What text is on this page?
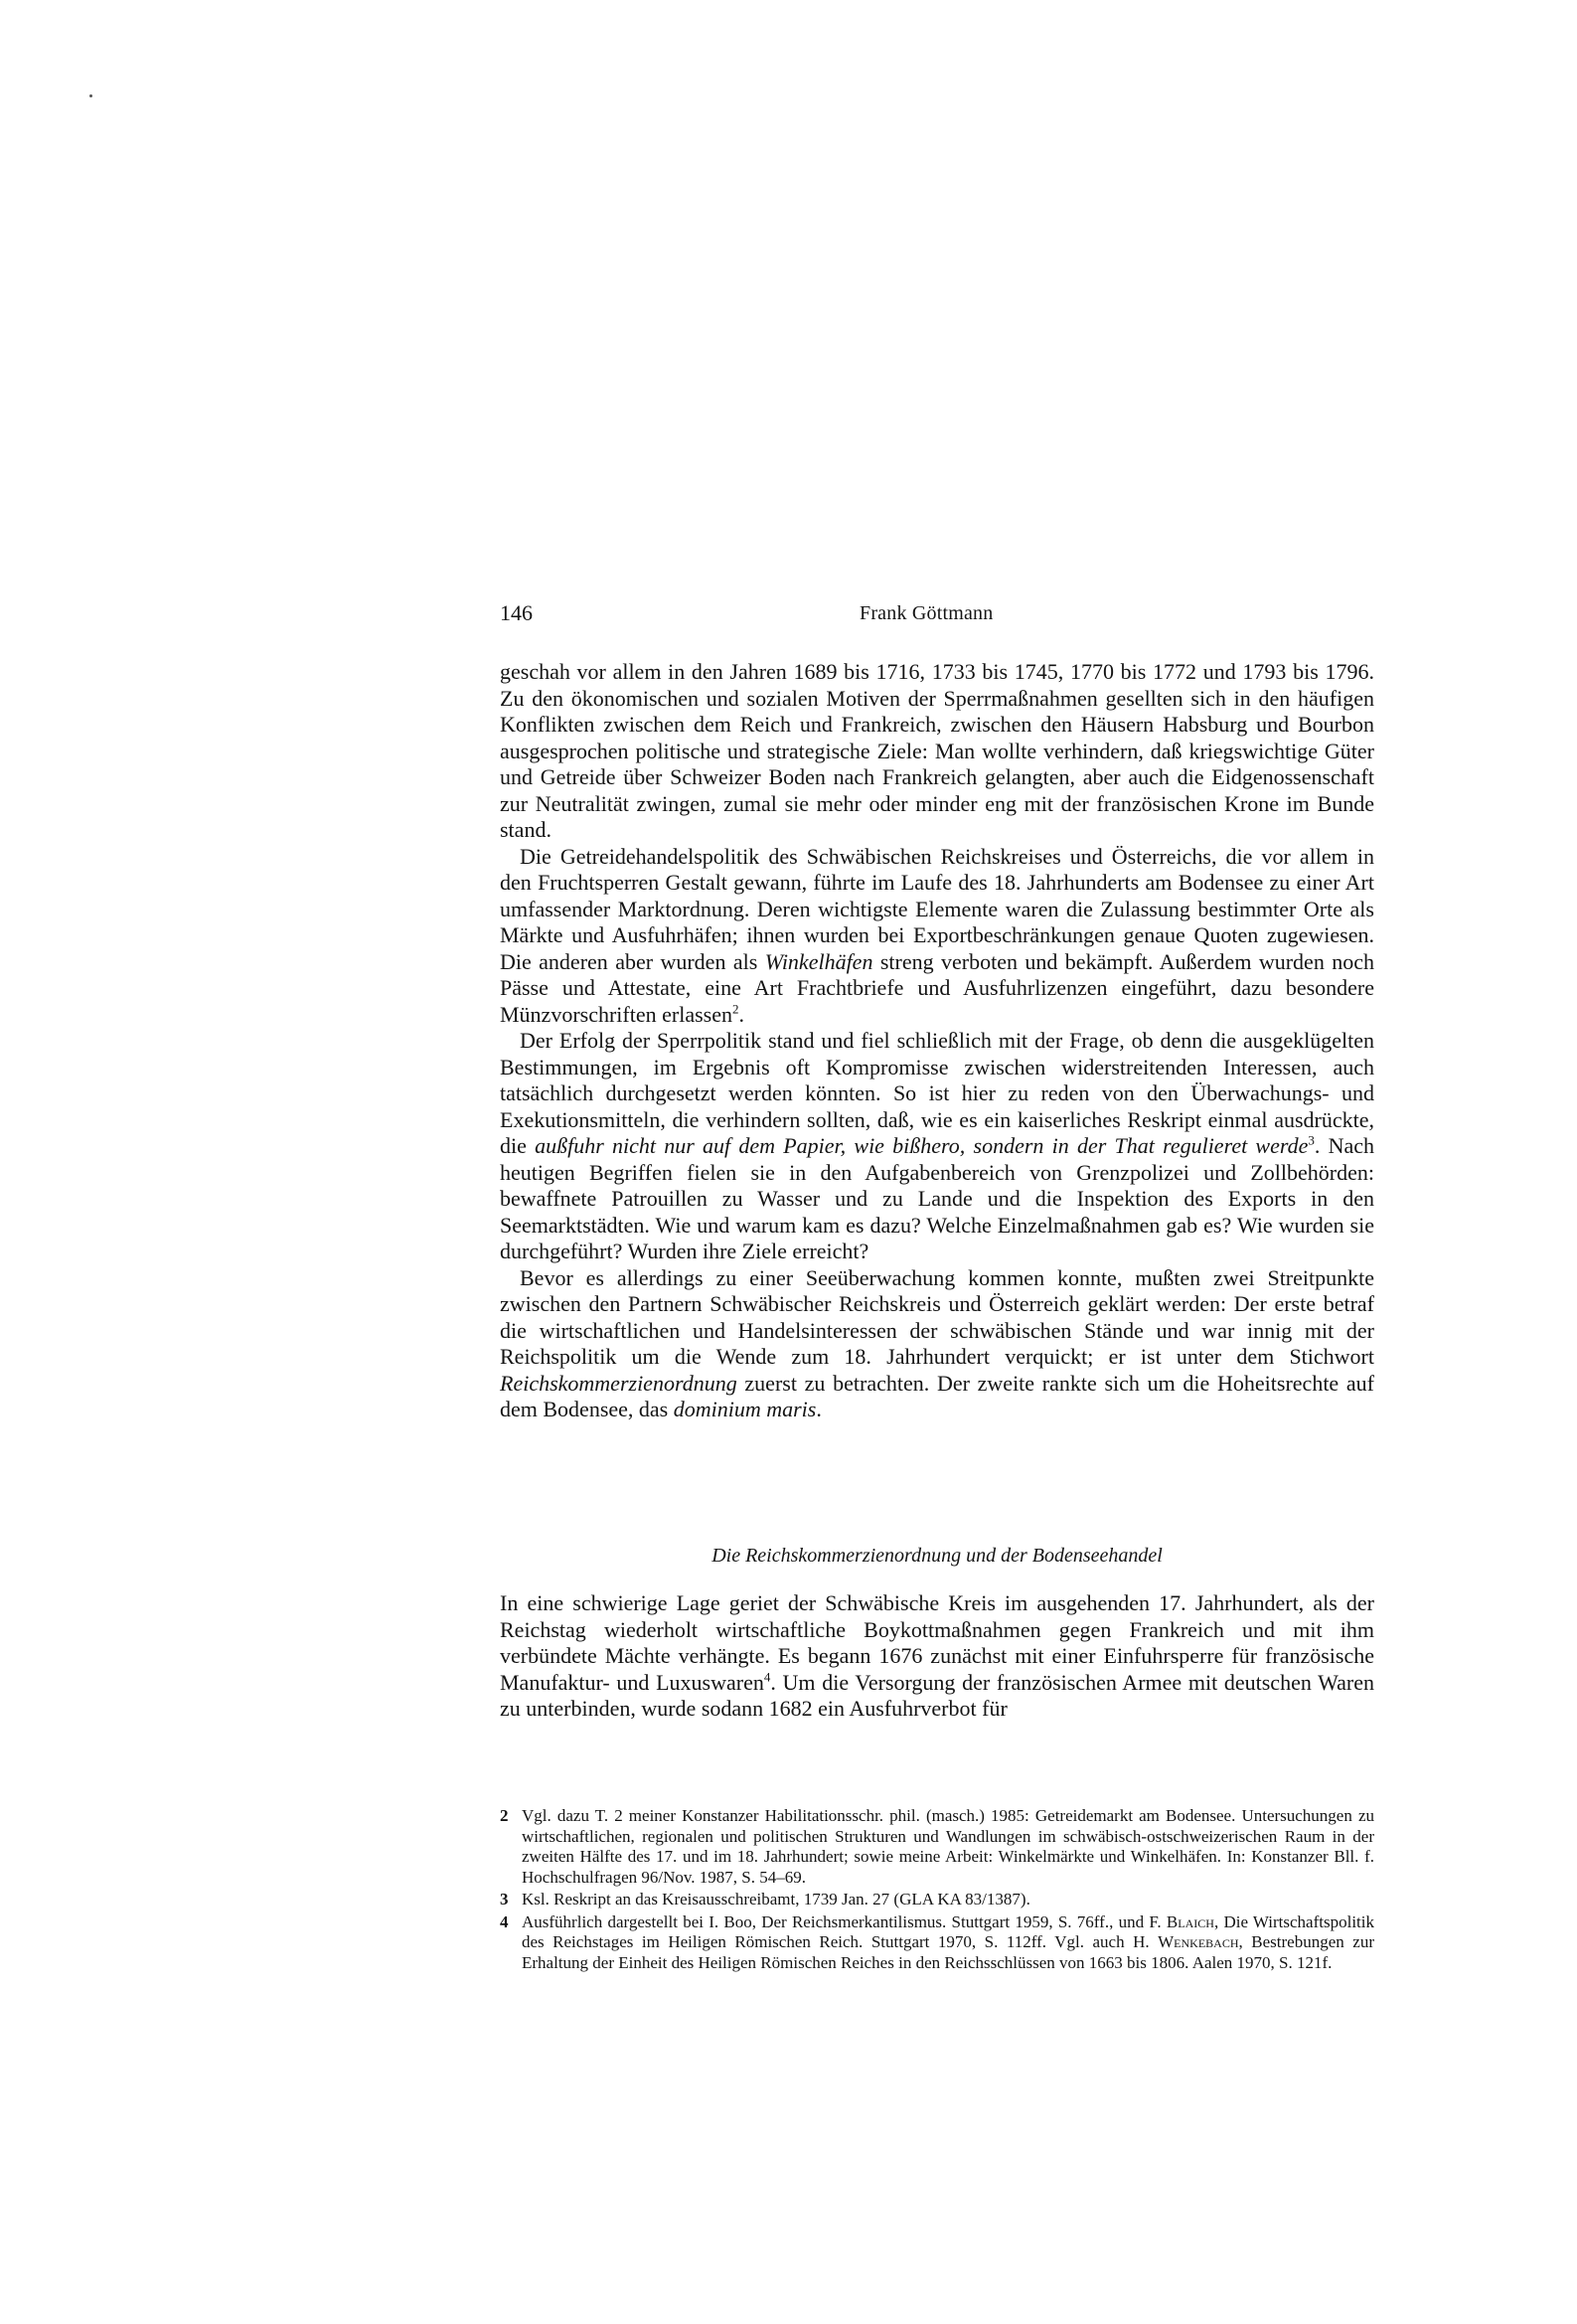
146	Frank Göttmann

geschah vor allem in den Jahren 1689 bis 1716, 1733 bis 1745, 1770 bis 1772 und 1793 bis 1796. Zu den ökonomischen und sozialen Motiven der Sperrmaßnahmen gesellten sich in den häufigen Konflikten zwischen dem Reich und Frankreich, zwischen den Häusern Habsburg und Bourbon ausgesprochen politische und strategische Ziele: Man wollte verhindern, daß kriegswichtige Güter und Getreide über Schweizer Boden nach Frankreich gelangten, aber auch die Eidgenossenschaft zur Neutralität zwingen, zumal sie mehr oder minder eng mit der französischen Krone im Bunde stand.

Die Getreidehandelspolitik des Schwäbischen Reichskreises und Österreichs, die vor allem in den Fruchtsperren Gestalt gewann, führte im Laufe des 18. Jahrhunderts am Bodensee zu einer Art umfassender Marktordnung. Deren wichtigste Elemente waren die Zulassung bestimmter Orte als Märkte und Ausfuhrhäfen; ihnen wurden bei Exportbeschränkungen genaue Quoten zugewiesen. Die anderen aber wurden als Winkelhäfen streng verboten und bekämpft. Außerdem wurden noch Pässe und Attestate, eine Art Frachtbriefe und Ausfuhrlizenzen eingeführt, dazu besondere Münzvorschriften erlassen$^2$.

Der Erfolg der Sperrpolitik stand und fiel schließlich mit der Frage, ob denn die ausgeklügelten Bestimmungen, im Ergebnis oft Kompromisse zwischen widerstreitenden Interessen, auch tatsächlich durchgesetzt werden könnten. So ist hier zu reden von den Überwachungs- und Exekutionsmitteln, die verhindern sollten, daß, wie es ein kaiserliches Reskript einmal ausdrückte, die außfuhr nicht nur auf dem Papier, wie bißhero, sondern in der That regulieret werde$^3$. Nach heutigen Begriffen fielen sie in den Aufgabenbereich von Grenzpolizei und Zollbehörden: bewaffnete Patrouillen zu Wasser und zu Lande und die Inspektion des Exports in den Seemarktstädten. Wie und warum kam es dazu? Welche Einzelmaßnahmen gab es? Wie wurden sie durchgeführt? Wurden ihre Ziele erreicht?

Bevor es allerdings zu einer Seeüberwachung kommen konnte, mußten zwei Streitpunkte zwischen den Partnern Schwäbischer Reichskreis und Österreich geklärt werden: Der erste betraf die wirtschaftlichen und Handelsinteressen der schwäbischen Stände und war innig mit der Reichspolitik um die Wende zum 18. Jahrhundert verquickt; er ist unter dem Stichwort Reichskommerzienordnung zuerst zu betrachten. Der zweite rankte sich um die Hoheitsrechte auf dem Bodensee, das dominium maris.

Die Reichskommerzienordnung und der Bodenseehandel

In eine schwierige Lage geriet der Schwäbische Kreis im ausgehenden 17. Jahrhundert, als der Reichstag wiederholt wirtschaftliche Boykottmaßnahmen gegen Frankreich und mit ihm verbündete Mächte verhängte. Es begann 1676 zunächst mit einer Einfuhrsperre für französische Manufaktur- und Luxuswaren$^4$. Um die Versorgung der französischen Armee mit deutschen Waren zu unterbinden, wurde sodann 1682 ein Ausfuhrverbot für

2 Vgl. dazu T. 2 meiner Konstanzer Habilitationsschr. phil. (masch.) 1985: Getreidemarkt am Bodensee. Untersuchungen zu wirtschaftlichen, regionalen und politischen Strukturen und Wandlungen im schwäbisch-ostschweizerischen Raum in der zweiten Hälfte des 17. und im 18. Jahrhundert; sowie meine Arbeit: Winkelmärkte und Winkelhäfen. In: Konstanzer Bll. f. Hochschulfragen 96/Nov. 1987, S. 54–69.
3 Ksl. Reskript an das Kreisausschreibamt, 1739 Jan. 27 (GLA KA 83/1387).
4 Ausführlich dargestellt bei I. Boo, Der Reichsmerkantilismus. Stuttgart 1959, S. 76ff., und F. Blaich, Die Wirtschaftspolitik des Reichstages im Heiligen Römischen Reich. Stuttgart 1970, S. 112ff. Vgl. auch H. Wenkebach, Bestrebungen zur Erhaltung der Einheit des Heiligen Römischen Reiches in den Reichsschlüssen von 1663 bis 1806. Aalen 1970, S. 121f.
